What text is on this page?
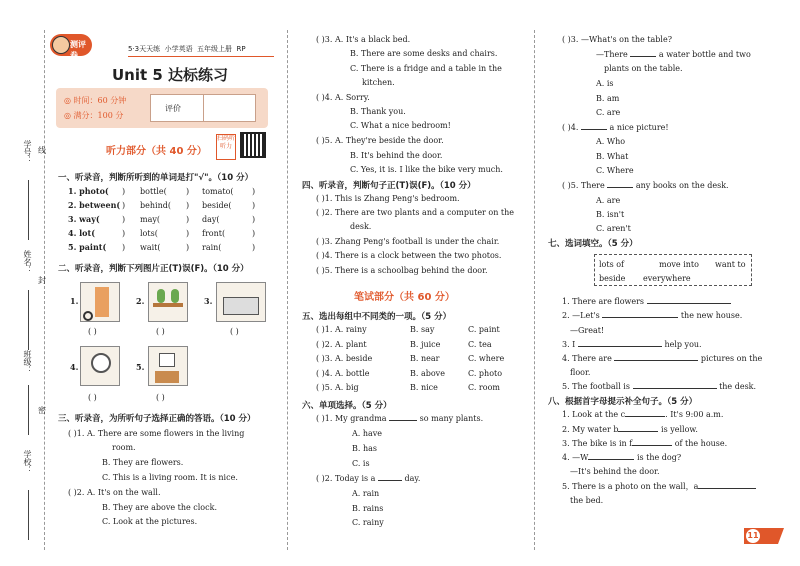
学号：
姓名：
班级：
学校：
线
封
密
测评卷
5·3天天练 小学英语 五年级上册 RP
Unit 5 达标练习
◎ 时间：60 分钟
◎ 满分：100 分
评价
听力部分（共 40 分）
扫码听听力
一、听录音，判断所听到的单词是打"√"。（10 分）
1. photo( ) bottle( ) tomato( )
2. between( ) behind( ) beside(	)
3. way(	) may(	) day(	)
4. lot(	) lots(	) front(	)
5. paint( ) wait(	) rain(	)
二、听录音，判断下列图片正(T)误(F)。（10 分）
1.
( )
2.
( )
3.
( )
4.
( )
5.
( )
三、听录音，为所听句子选择正确的答语。（10 分）
( )1. A. There are some flowers in the living
room.
B. They are flowers.
C. This is a living room. It is nice.
( )2. A. It's on the wall.
B. They are above the clock.
C. Look at the pictures.
( )3. A. It's a black bed.
B. There are some desks and chairs.
C. There is a fridge and a table in the
kitchen.
( )4. A. Sorry.
B. Thank you.
C. What a nice bedroom!
( )5. A. They're beside the door.
B. It's behind the door.
C. Yes, it is. I like the bike very much.
四、听录音，判断句子正(T)误(F)。（10 分）
( )1. This is Zhang Peng's bedroom.
( )2. There are two plants and a computer on the
desk.
( )3. Zhang Peng's football is under the chair.
( )4. There is a clock between the two photos.
( )5. There is a schoolbag behind the door.
笔试部分（共 60 分）
五、选出每组中不同类的一项。（5 分）
( )1. A. rainy	B. say	C. paint
( )2. A. plant	B. juice	C. tea
( )3. A. beside	B. near	C. where
( )4. A. bottle	B. above	C. photo
( )5. A. big	B. nice	C. room
六、单项选择。（5 分）
( )1. My grandma	so many plants.
A. have
B. has
C. is
( )2. Today is a	day.
A. rain
B. rains
C. rainy
( )3. —What's on the table?
—There	a water bottle and two
plants on the table.
A. is
B. am
C. are
( )4.	a nice picture!
A. Who
B. What
C. Where
( )5. There	any books on the desk.
A. are
B. isn't
C. aren't
七、选词填空。（5 分）
lots of	move into want to
beside everywhere
1. There are flowers
2. —Let's	the new house.
—Great!
3. I	help you.
4. There are	pictures on the
floor.
5. The football is	the desk.
八、根据首字母提示补全句子。（5 分）
1. Look at the c	. It's 9:00 a.m.
2. My water b	is yellow.
3. The bike is in f	of the house.
4. —W	is the dog?
—It's behind the door.
5. There is a photo on the wall，a
the bed.
11
